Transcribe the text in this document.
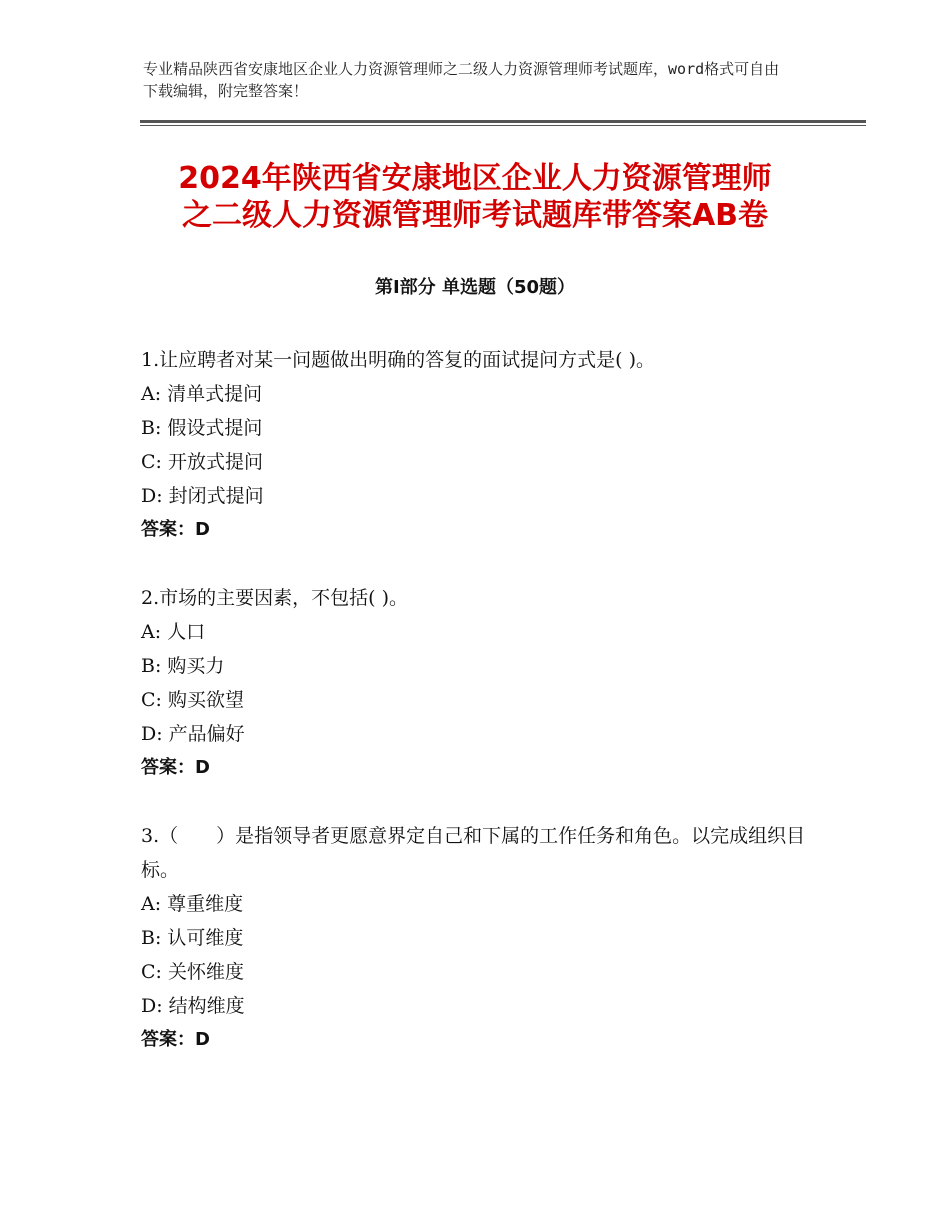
专业精品陕西省安康地区企业人力资源管理师之二级人力资源管理师考试题库，word格式可自由下载编辑，附完整答案！
2024年陕西省安康地区企业人力资源管理师
之二级人力资源管理师考试题库带答案AB卷
第Ⅰ部分 单选题（50题）
1.让应聘者对某一问题做出明确的答复的面试提问方式是( )。
A: 清单式提问
B: 假设式提问
C: 开放式提问
D: 封闭式提问
答案：D
2.市场的主要因素，不包括( )。
A: 人口
B: 购买力
C: 购买欲望
D: 产品偏好
答案：D
3.（　　）是指领导者更愿意界定自己和下属的工作任务和角色。以完成组织目标。
A: 尊重维度
B: 认可维度
C: 关怀维度
D: 结构维度
答案：D
